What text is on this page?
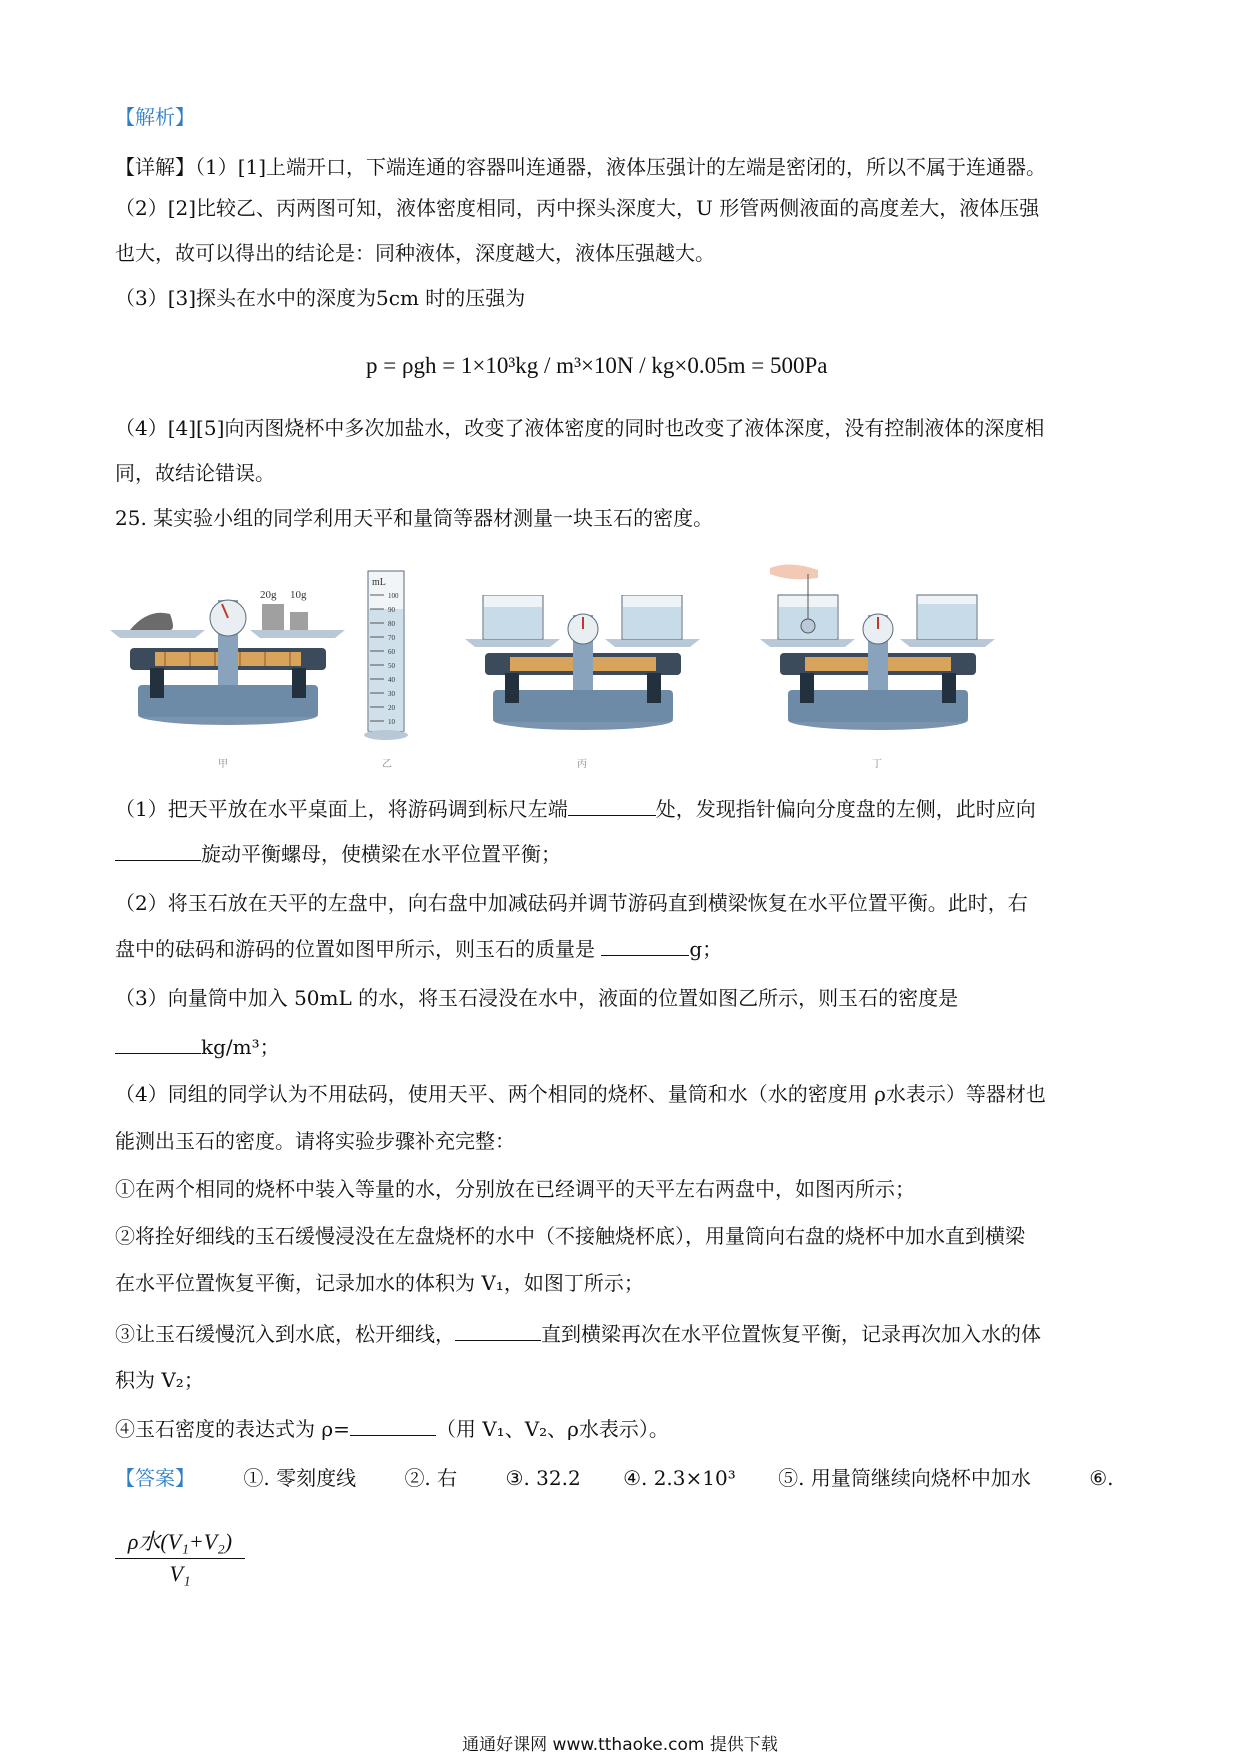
【解析】
【详解】（1）[1]上端开口，下端连通的容器叫连通器，液体压强计的左端是密闭的，所以不属于连通器。
（2）[2]比较乙、丙两图可知，液体密度相同，丙中探头深度大，U 形管两侧液面的高度差大，液体压强
也大，故可以得出的结论是：同种液体，深度越大，液体压强越大。
（3）[3]探头在水中的深度为5cm 时的压强为
p = ρgh = 1×10³kg / m³×10N / kg×0.05m = 500Pa
（4）[4][5]向丙图烧杯中多次加盐水，改变了液体密度的同时也改变了液体深度，没有控制液体的深度相
同，故结论错误。
25. 某实验小组的同学利用天平和量筒等器材测量一块玉石的密度。
20g 10g
mL
100
90
80
70
60
50
40
30
20
10
甲	乙	丙	丁
（1）把天平放在水平桌面上，将游码调到标尺左端	处，发现指针偏向分度盘的左侧，此时应向
旋动平衡螺母，使横梁在水平位置平衡；
（2）将玉石放在天平的左盘中，向右盘中加减砝码并调节游码直到横梁恢复在水平位置平衡。此时，右
盘中的砝码和游码的位置如图甲所示，则玉石的质量是	g；
（3）向量筒中加入 50mL 的水，将玉石浸没在水中，液面的位置如图乙所示，则玉石的密度是
kg/m³；
（4）同组的同学认为不用砝码，使用天平、两个相同的烧杯、量筒和水（水的密度用 ρ水表示）等器材也
能测出玉石的密度。请将实验步骤补充完整：
①在两个相同的烧杯中装入等量的水，分别放在已经调平的天平左右两盘中，如图丙所示；
②将拴好细线的玉石缓慢浸没在左盘烧杯的水中（不接触烧杯底），用量筒向右盘的烧杯中加水直到横梁
在水平位置恢复平衡，记录加水的体积为 V₁，如图丁所示；
③让玉石缓慢沉入到水底，松开细线，	直到横梁再次在水平位置恢复平衡，记录再次加入水的体
积为 V₂；
④玉石密度的表达式为 ρ=	（用 V₁、V₂、ρ水表示）。
【答案】 ①. 零刻度线 ②. 右 ③. 32.2 ④. 2.3×10³ ⑤. 用量筒继续向烧杯中加水	⑥.
ρ水(V₁+V₂)
V₁
通通好课网 www.tthaoke.com 提供下载
